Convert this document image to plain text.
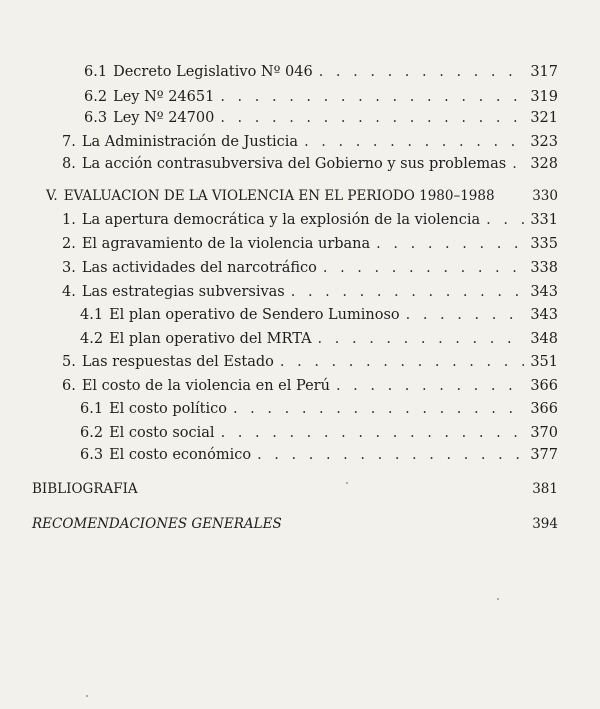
6.1 Decreto Legislativo Nº 046 . . .	317
6.2 Ley Nº 24651 . . .	319
6.3 Ley Nº 24700 . . .	321
7. La Administración de Justicia . . .	323
8. La acción contrasubversiva del Gobierno y sus problemas . . . 328
V. EVALUACION DE LA VIOLENCIA EN EL PERIODO 1980–1988	330
1. La apertura democrática y la explosión de la violencia . . .	331
2. El agravamiento de la violencia urbana . . .	335
3. Las actividades del narcotráfico . . .	338
4. Las estrategias subversivas . . .	343
4.1 El plan operativo de Sendero Luminoso . . .	343
4.2 El plan operativo del MRTA . . .	348
5. Las respuestas del Estado . . .	351
6. El costo de la violencia en el Perú . . .	366
6.1 El costo político . . .	366
6.2 El costo social . . .	370
6.3 El costo económico . . .	377
BIBLIOGRAFIA	381
RECOMENDACIONES GENERALES	394
